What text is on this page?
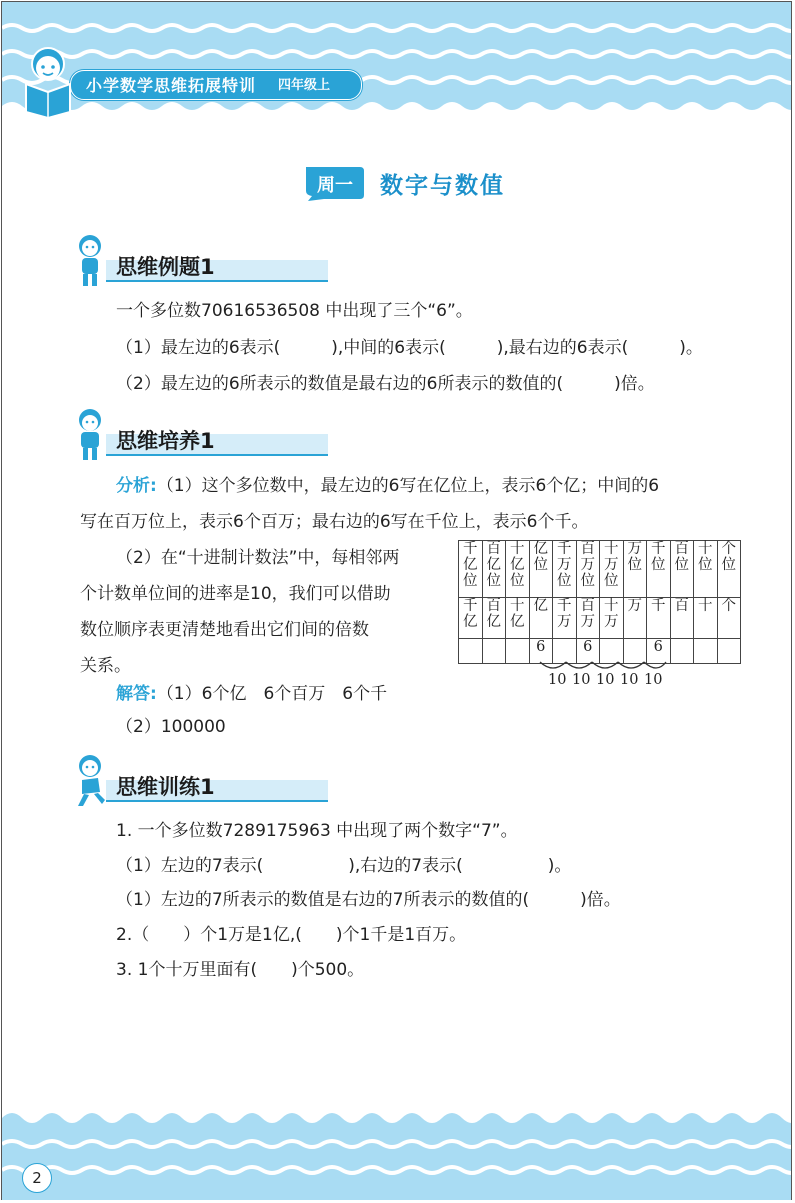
小学数学思维拓展特训 四年级上
周一	数字与数值
思维例题1
一个多位数70616536508 中出现了三个“6”。
（1）最左边的6表示(　　　),中间的6表示(　　　),最右边的6表示(　　　)。
（2）最左边的6所表示的数值是最右边的6所表示的数值的(　　　)倍。
思维培养1
分析:（1）这个多位数中，最左边的6写在亿位上，表示6个亿；中间的6
写在百万位上，表示6个百万；最右边的6写在千位上，表示6个千。
（2）在“十进制计数法”中，每相邻两
个计数单位间的进率是10，我们可以借助
数位顺序表更清楚地看出它们间的倍数
关系。
解答:（1）6个亿　6个百万　6个千
（2）100000
千亿位	百亿位	十亿位	亿位	千万位	百万位	十万位	万位	千位	百位	十位	个位
千亿	百亿	十亿	亿	千万	百万	十万	万	千	百	十	个
			6		6			6			
10 10 10 10 10
思维训练1
1. 一个多位数7289175963 中出现了两个数字“7”。
（1）左边的7表示(　　　　　),右边的7表示(　　　　　)。
（1）左边的7所表示的数值是右边的7所表示的数值的(　　　)倍。
2.（　　）个1万是1亿,(　　)个1千是1百万。
3. 1个十万里面有(　　)个500。
2
